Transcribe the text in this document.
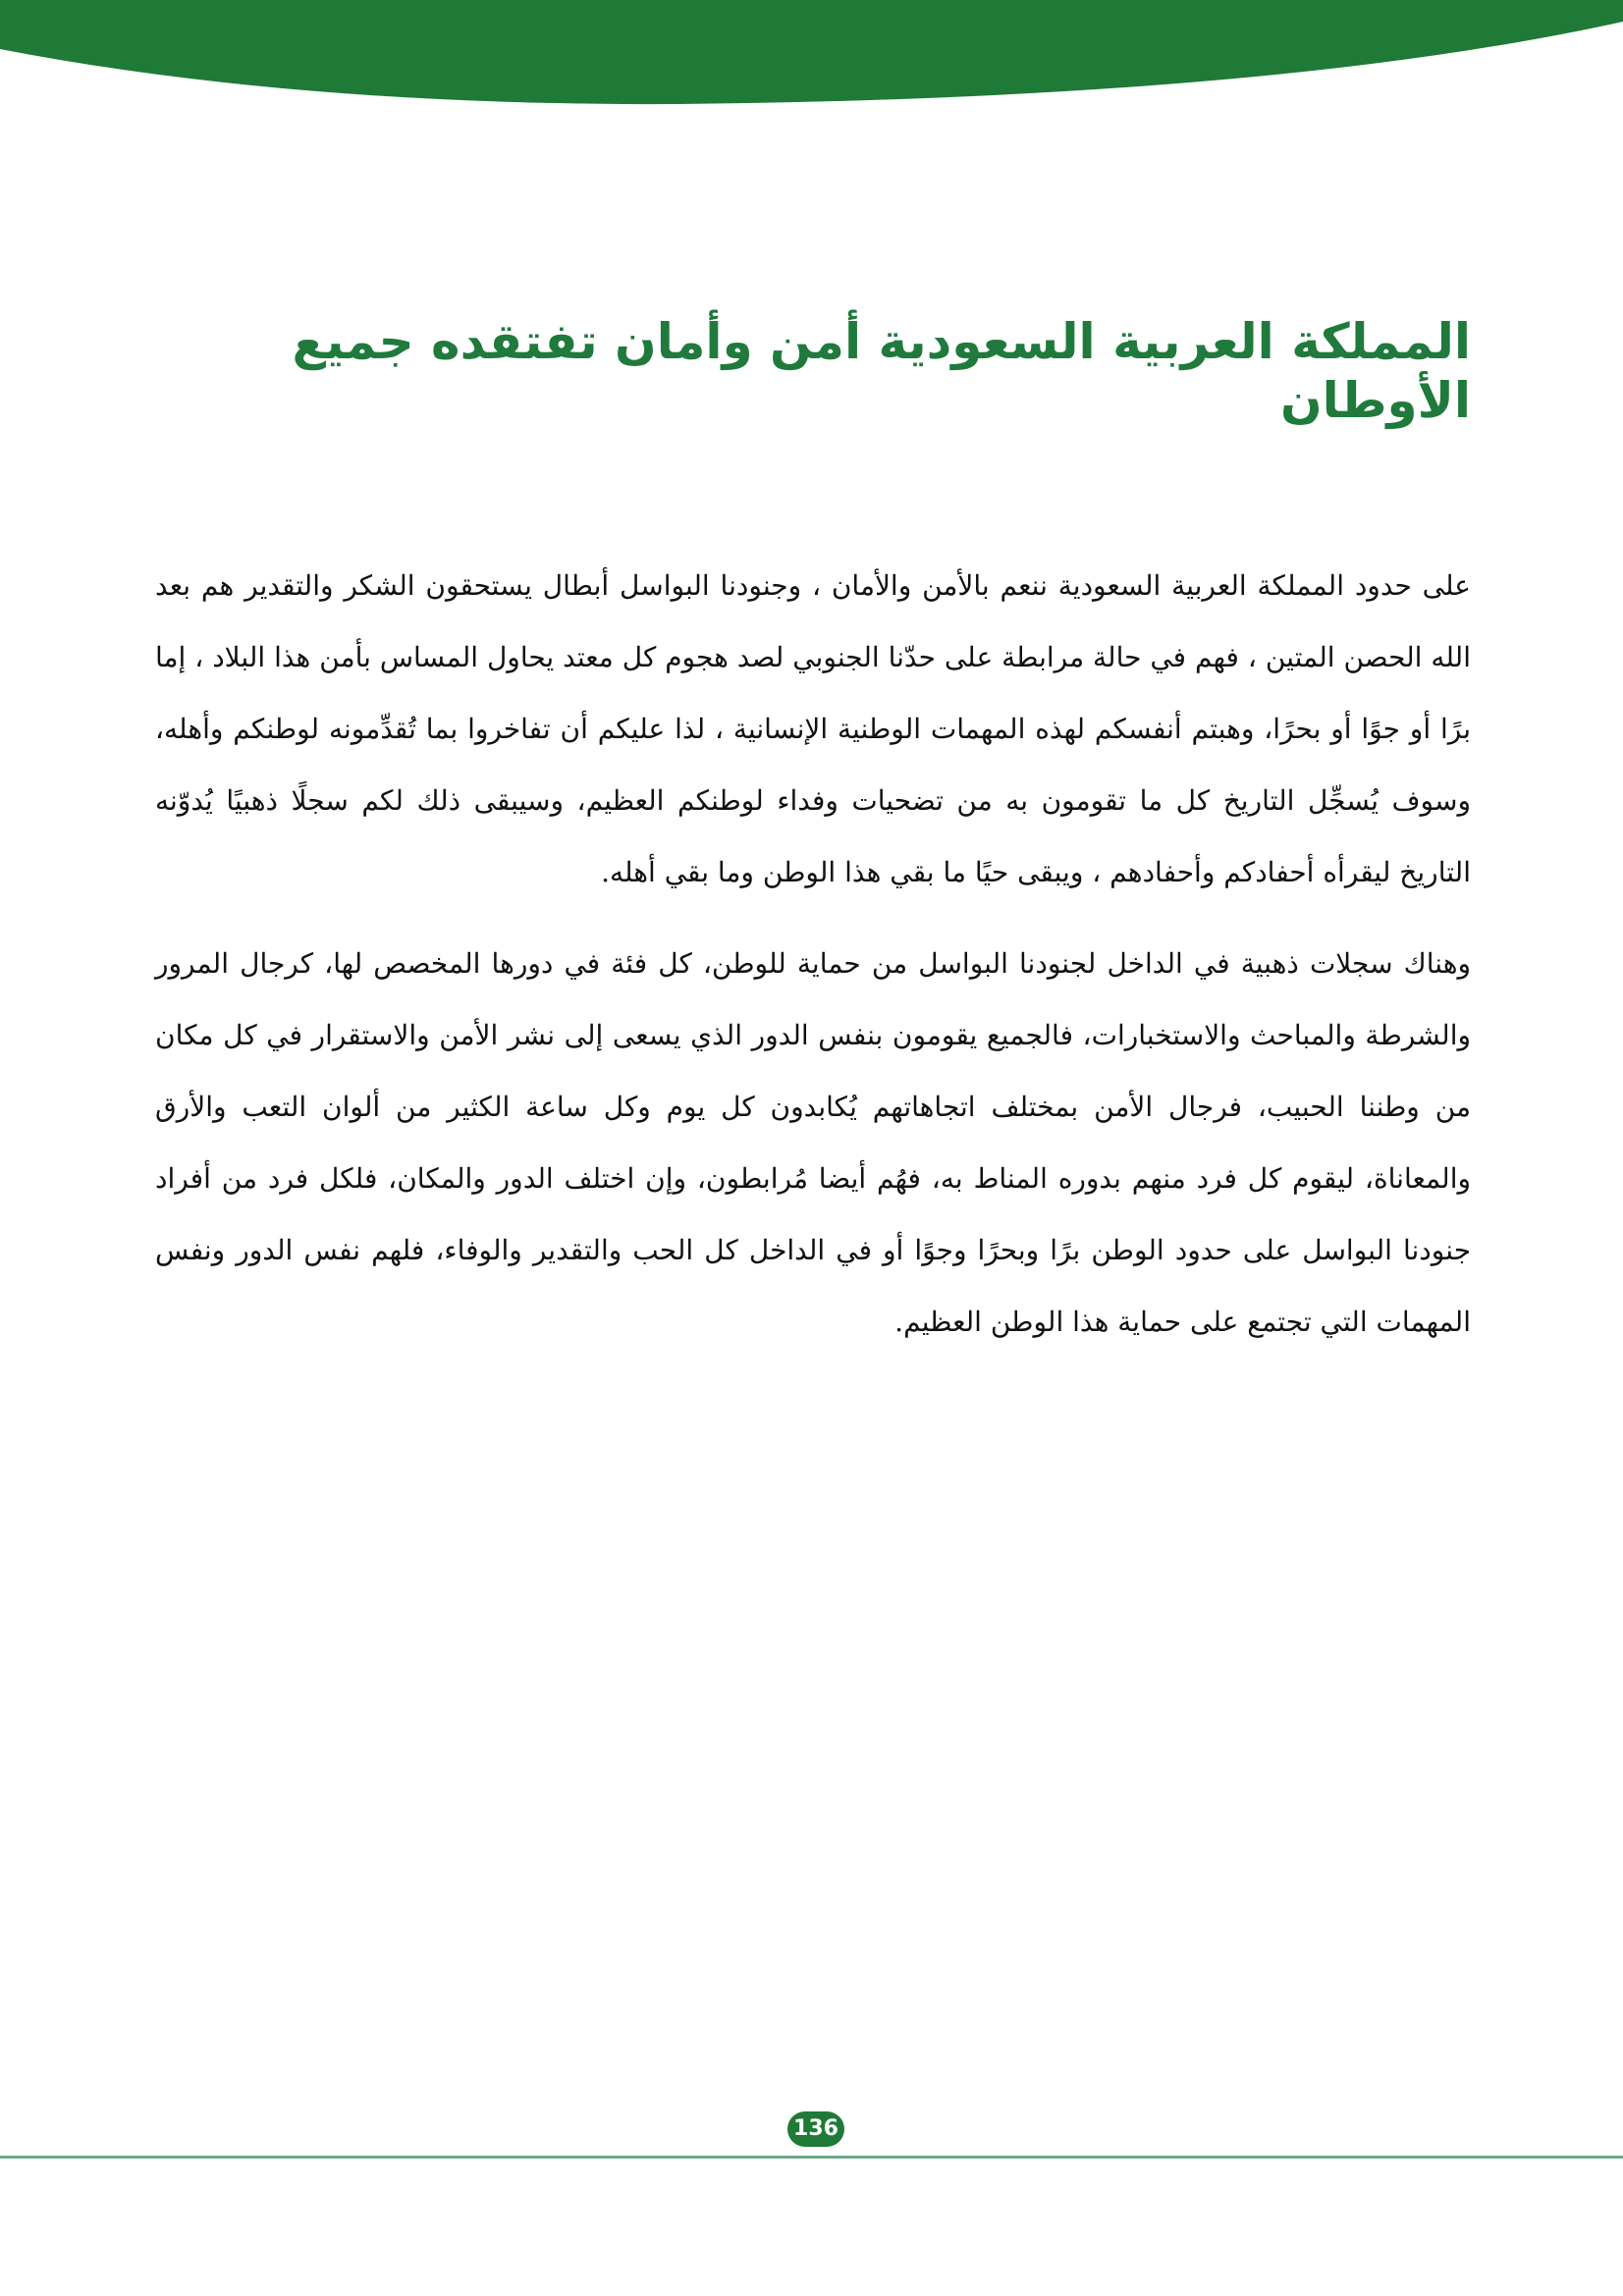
المملكة العربية السعودية أمن وأمان تفتقده جميع الأوطان

على حدود المملكة العربية السعودية ننعم بالأمن والأمان ، وجنودنا البواسل أبطال يستحقون الشكر والتقدير هم بعد الله الحصن المتين ، فهم في حالة مرابطة على حدّنا الجنوبي لصد هجوم كل معتد يحاول المساس بأمن هذا البلاد ، إما برًا أو جوًا أو بحرًا، وهبتم أنفسكم لهذه المهمات الوطنية الإنسانية ، لذا عليكم أن تفاخروا بما تُقدِّمونه لوطنكم وأهله، وسوف يُسجِّل التاريخ كل ما تقومون به من تضحيات وفداء لوطنكم العظيم، وسيبقى ذلك لكم سجلًا ذهبيًا يُدوّنه التاريخ ليقرأه أحفادكم وأحفادهم ، ويبقى حيًا ما بقي هذا الوطن وما بقي أهله.

وهناك سجلات ذهبية في الداخل لجنودنا البواسل من حماية للوطن، كل فئة في دورها المخصص لها، كرجال المرور والشرطة والمباحث والاستخبارات، فالجميع يقومون بنفس الدور الذي يسعى إلى نشر الأمن والاستقرار في كل مكان من وطننا الحبيب، فرجال الأمن بمختلف اتجاهاتهم يُكابدون كل يوم وكل ساعة الكثير من ألوان التعب والأرق والمعاناة، ليقوم كل فرد منهم بدوره المناط به، فهُم أيضا مُرابطون، وإن اختلف الدور والمكان، فلكل فرد من أفراد جنودنا البواسل على حدود الوطن برًا وبحرًا وجوًا أو في الداخل كل الحب والتقدير والوفاء، فلهم نفس الدور ونفس المهمات التي تجتمع على حماية هذا الوطن العظيم.

136
